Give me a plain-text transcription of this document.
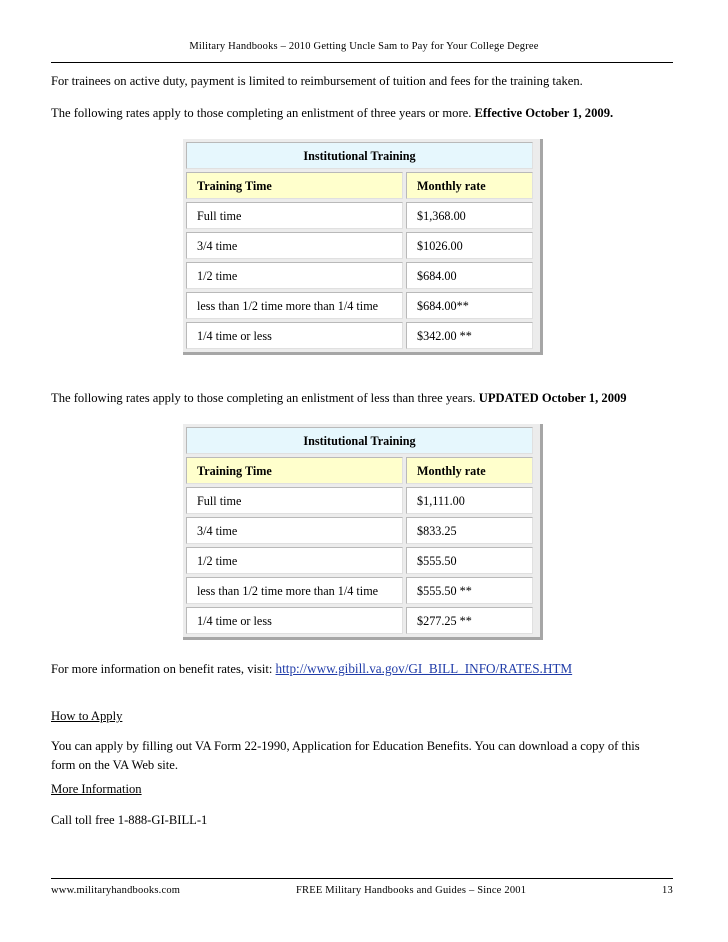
Military Handbooks – 2010 Getting Uncle Sam to Pay for Your College Degree
For trainees on active duty, payment is limited to reimbursement of tuition and fees for the training taken.
The following rates apply to those completing an enlistment of three years or more. Effective October 1, 2009.
Institutional Training
Training Time	Monthly rate
Full time	$1,368.00
3/4 time	$1026.00
1/2 time	$684.00
less than 1/2 time more than 1/4 time	$684.00**
1/4 time or less	$342.00 **
The following rates apply to those completing an enlistment of less than three years. UPDATED October 1, 2009
Institutional Training
Training Time	Monthly rate
Full time	$1,111.00
3/4 time	$833.25
1/2 time	$555.50
less than 1/2 time more than 1/4 time	$555.50 **
1/4 time or less	$277.25 **
For more information on benefit rates, visit: http://www.gibill.va.gov/GI_BILL_INFO/RATES.HTM
How to Apply
You can apply by filling out VA Form 22-1990, Application for Education Benefits. You can download a copy of this
form on the VA Web site.
More Information
Call toll free 1-888-GI-BILL-1
www.militaryhandbooks.com	FREE Military Handbooks and Guides – Since 2001	13
